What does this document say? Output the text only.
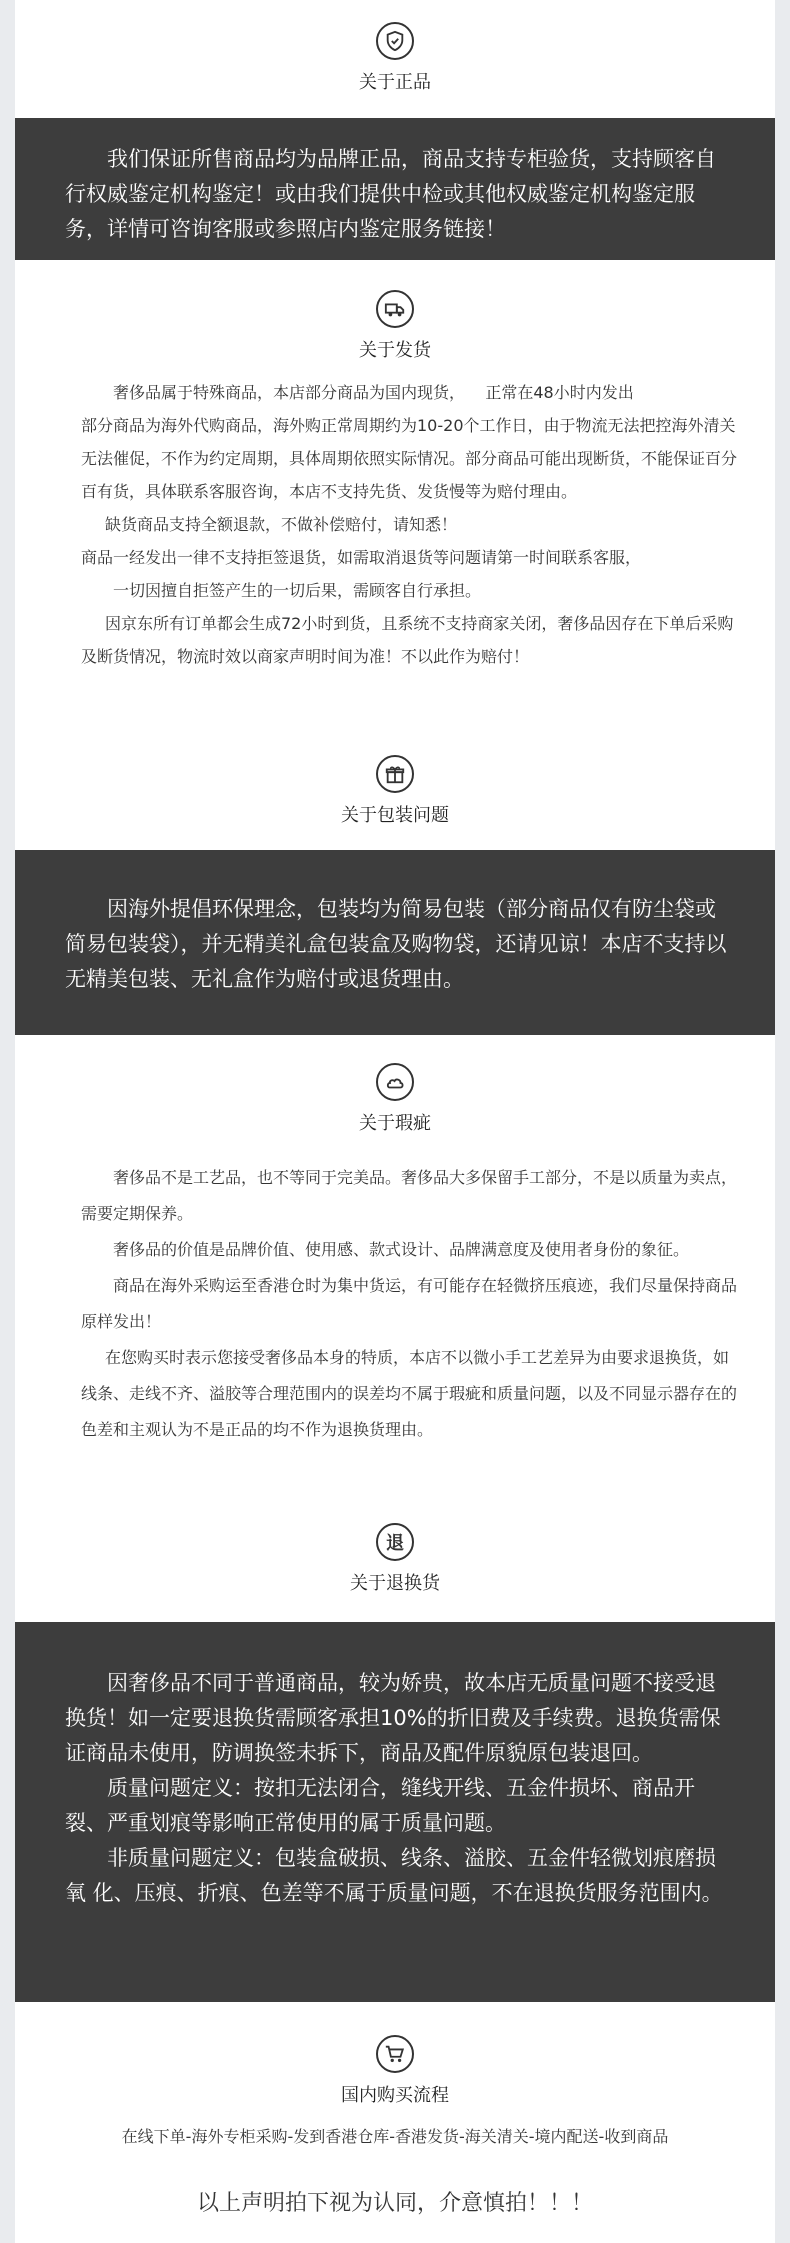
关于正品

我们保证所售商品均为品牌正品，商品支持专柜验货，支持顾客自行权威鉴定机构鉴定！或由我们提供中检或其他权威鉴定机构鉴定服务，详情可咨询客服或参照店内鉴定服务链接！

关于发货

奢侈品属于特殊商品，本店部分商品为国内现货， 正常在48小时内发出

部分商品为海外代购商品，海外购正常周期约为10-20个工作日，由于物流无法把控海外清关无法催促，不作为约定周期，具体周期依照实际情况。部分商品可能出现断货，不能保证百分百有货，具体联系客服咨询，本店不支持先货、发货慢等为赔付理由。

缺货商品支持全额退款，不做补偿赔付，请知悉！

商品一经发出一律不支持拒签退货，如需取消退货等问题请第一时间联系客服，

一切因擅自拒签产生的一切后果，需顾客自行承担。

因京东所有订单都会生成72小时到货，且系统不支持商家关闭，奢侈品因存在下单后采购及断货情况，物流时效以商家声明时间为准！不以此作为赔付！

关于包装问题

因海外提倡环保理念，包装均为简易包装（部分商品仅有防尘袋或简易包装袋），并无精美礼盒包装盒及购物袋，还请见谅！本店不支持以无精美包装、无礼盒作为赔付或退货理由。

关于瑕疵

奢侈品不是工艺品，也不等同于完美品。奢侈品大多保留手工部分，不是以质量为卖点，需要定期保养。

奢侈品的价值是品牌价值、使用感、款式设计、品牌满意度及使用者身份的象征。

商品在海外采购运至香港仓时为集中货运，有可能存在轻微挤压痕迹，我们尽量保持商品原样发出！

在您购买时表示您接受奢侈品本身的特质，本店不以微小手工艺差异为由要求退换货，如线条、走线不齐、溢胶等合理范围内的误差均不属于瑕疵和质量问题，以及不同显示器存在的色差和主观认为不是正品的均不作为退换货理由。

退
关于退换货

因奢侈品不同于普通商品，较为娇贵，故本店无质量问题不接受退换货！如一定要退换货需顾客承担10%的折旧费及手续费。退换货需保证商品未使用，防调换签未拆下，商品及配件原貌原包装退回。

质量问题定义：按扣无法闭合，缝线开线、五金件损坏、商品开裂、严重划痕等影响正常使用的属于质量问题。

非质量问题定义：包装盒破损、线条、溢胶、五金件轻微划痕磨损氧 化、压痕、折痕、色差等不属于质量问题，不在退换货服务范围内。

国内购买流程
在线下单-海外专柜采购-发到香港仓库-香港发货-海关清关-境内配送-收到商品
以上声明拍下视为认同，介意慎拍！！！
